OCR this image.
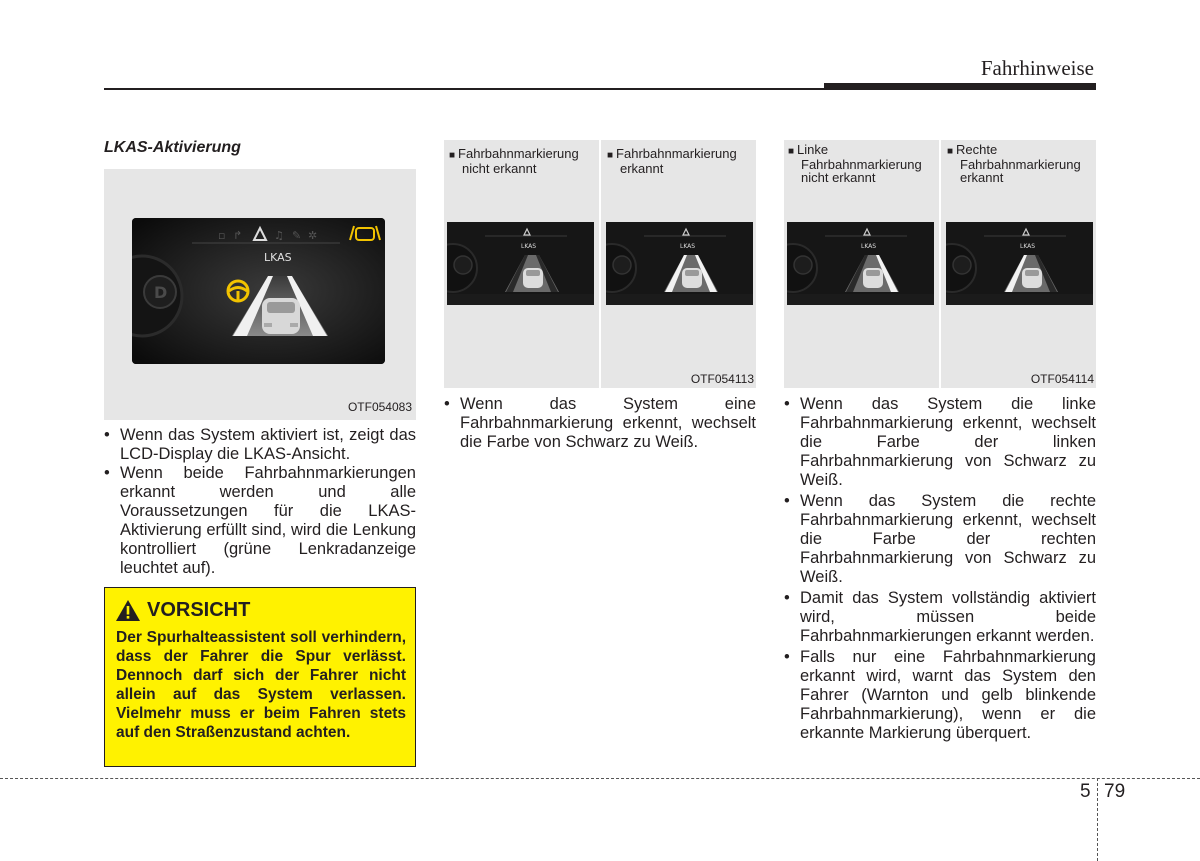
Fahrhinweise
LKAS-Aktivierung
D
▫ ↱	♫ ✎ ✲
LKAS
OTF054083
■ Fahrbahnmarkierung
nicht erkannt
■ Fahrbahnmarkierung
erkannt
LKAS	LKAS
OTF054113
■ Linke
Fahrbahnmarkierung
nicht erkannt
■ Rechte
Fahrbahnmarkierung
erkannt
LKAS	LKAS
OTF054114
• Wenn das System aktiviert ist, zeigt das LCD-Display die LKAS-Ansicht.
• Wenn beide Fahrbahnmarkierungen erkannt werden und alle Voraussetzungen für die LKAS-Aktivierung erfüllt sind, wird die Lenkung kontrolliert (grüne Lenkradanzeige leuchtet auf).
VORSICHT
Der Spurhalteassistent soll verhindern, dass der Fahrer die Spur verlässt. Dennoch darf sich der Fahrer nicht allein auf das System verlassen. Vielmehr muss er beim Fahren stets auf den Straßenzustand achten.
• Wenn das System eine Fahrbahnmarkierung erkennt, wechselt die Farbe von Schwarz zu Weiß.
• Wenn das System die linke Fahrbahnmarkierung erkennt, wechselt die Farbe der linken Fahrbahnmarkierung von Schwarz zu Weiß.
• Wenn das System die rechte Fahrbahnmarkierung erkennt, wechselt die Farbe der rechten Fahrbahnmarkierung von Schwarz zu Weiß.
• Damit das System vollständig aktiviert wird, müssen beide Fahrbahnmarkierungen erkannt werden.
• Falls nur eine Fahrbahnmarkierung erkannt wird, warnt das System den Fahrer (Warnton und gelb blinkende Fahrbahnmarkierung), wenn er die erkannte Markierung überquert.
5 79
